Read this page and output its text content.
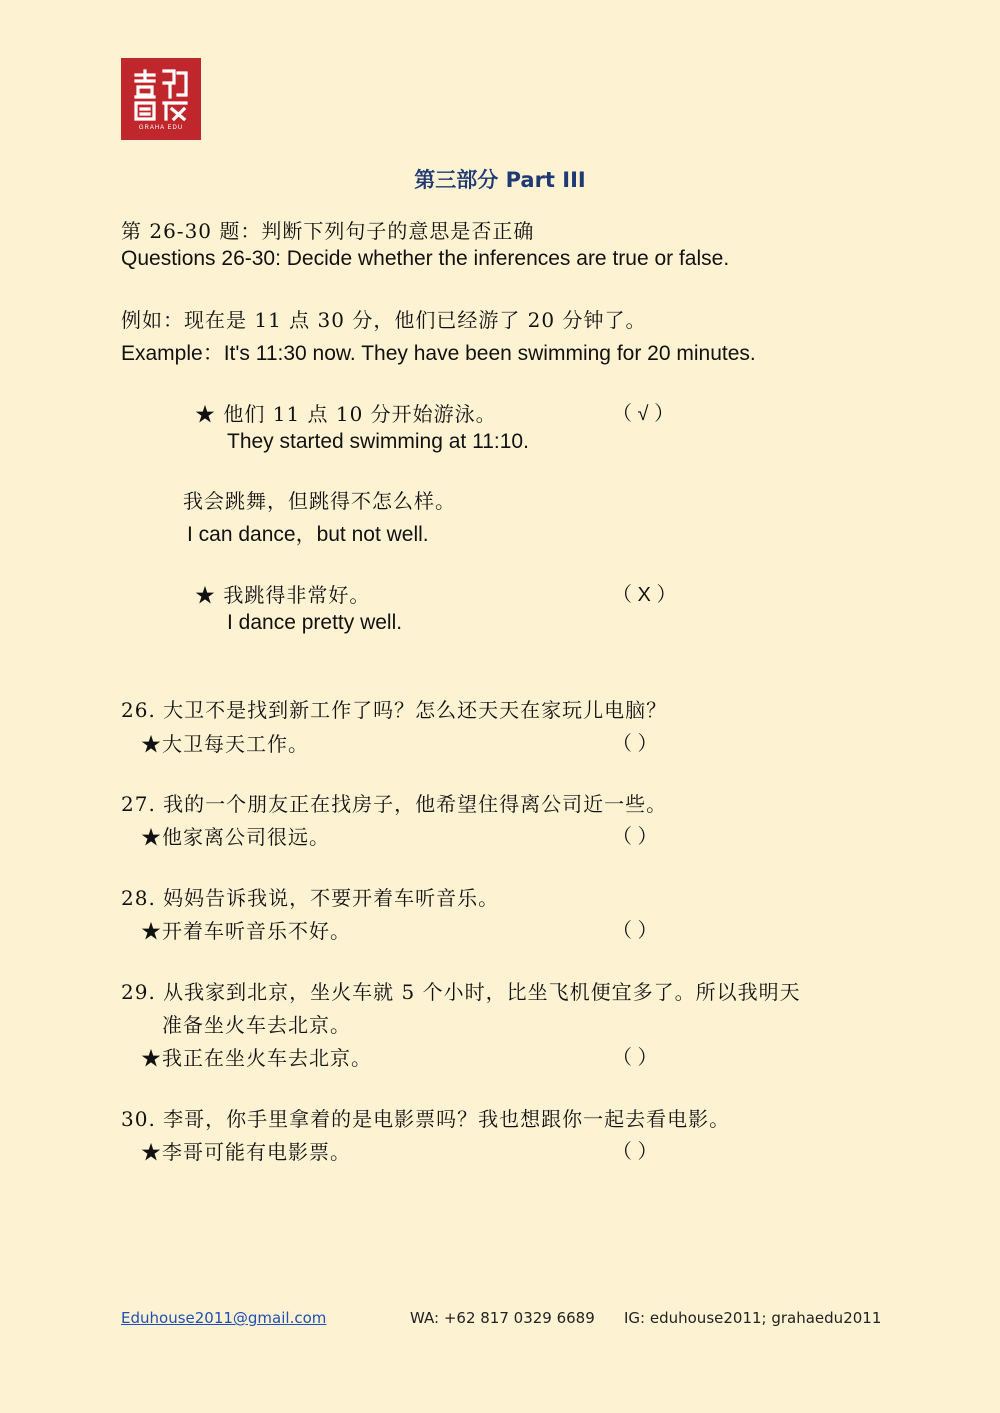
GRAHA EDU
第三部分 Part III
第 26-30 题：判断下列句子的意思是否正确
Questions 26-30: Decide whether the inferences are true or false.
例如：现在是 11 点 30 分，他们已经游了 20 分钟了。
Example：It's 11:30 now. They have been swimming for 20 minutes.
★ 他们 11 点 10 分开始游泳。	（ √ ）
They started swimming at 11:10.
我会跳舞，但跳得不怎么样。
I can dance，but not well.
★ 我跳得非常好。	（ X ）
I dance pretty well.
26. 大卫不是找到新工作了吗？怎么还天天在家玩儿电脑？
★大卫每天工作。	（ ）
27. 我的一个朋友正在找房子，他希望住得离公司近一些。
★他家离公司很远。	（ ）
28. 妈妈告诉我说，不要开着车听音乐。
★开着车听音乐不好。	（ ）
29. 从我家到北京，坐火车就 5 个小时，比坐飞机便宜多了。所以我明天
准备坐火车去北京。
★我正在坐火车去北京。	（ ）
30. 李哥，你手里拿着的是电影票吗？我也想跟你一起去看电影。
★李哥可能有电影票。	（ ）
Eduhouse2011@gmail.com	WA: +62 817 0329 6689 IG: eduhouse2011; grahaedu2011
